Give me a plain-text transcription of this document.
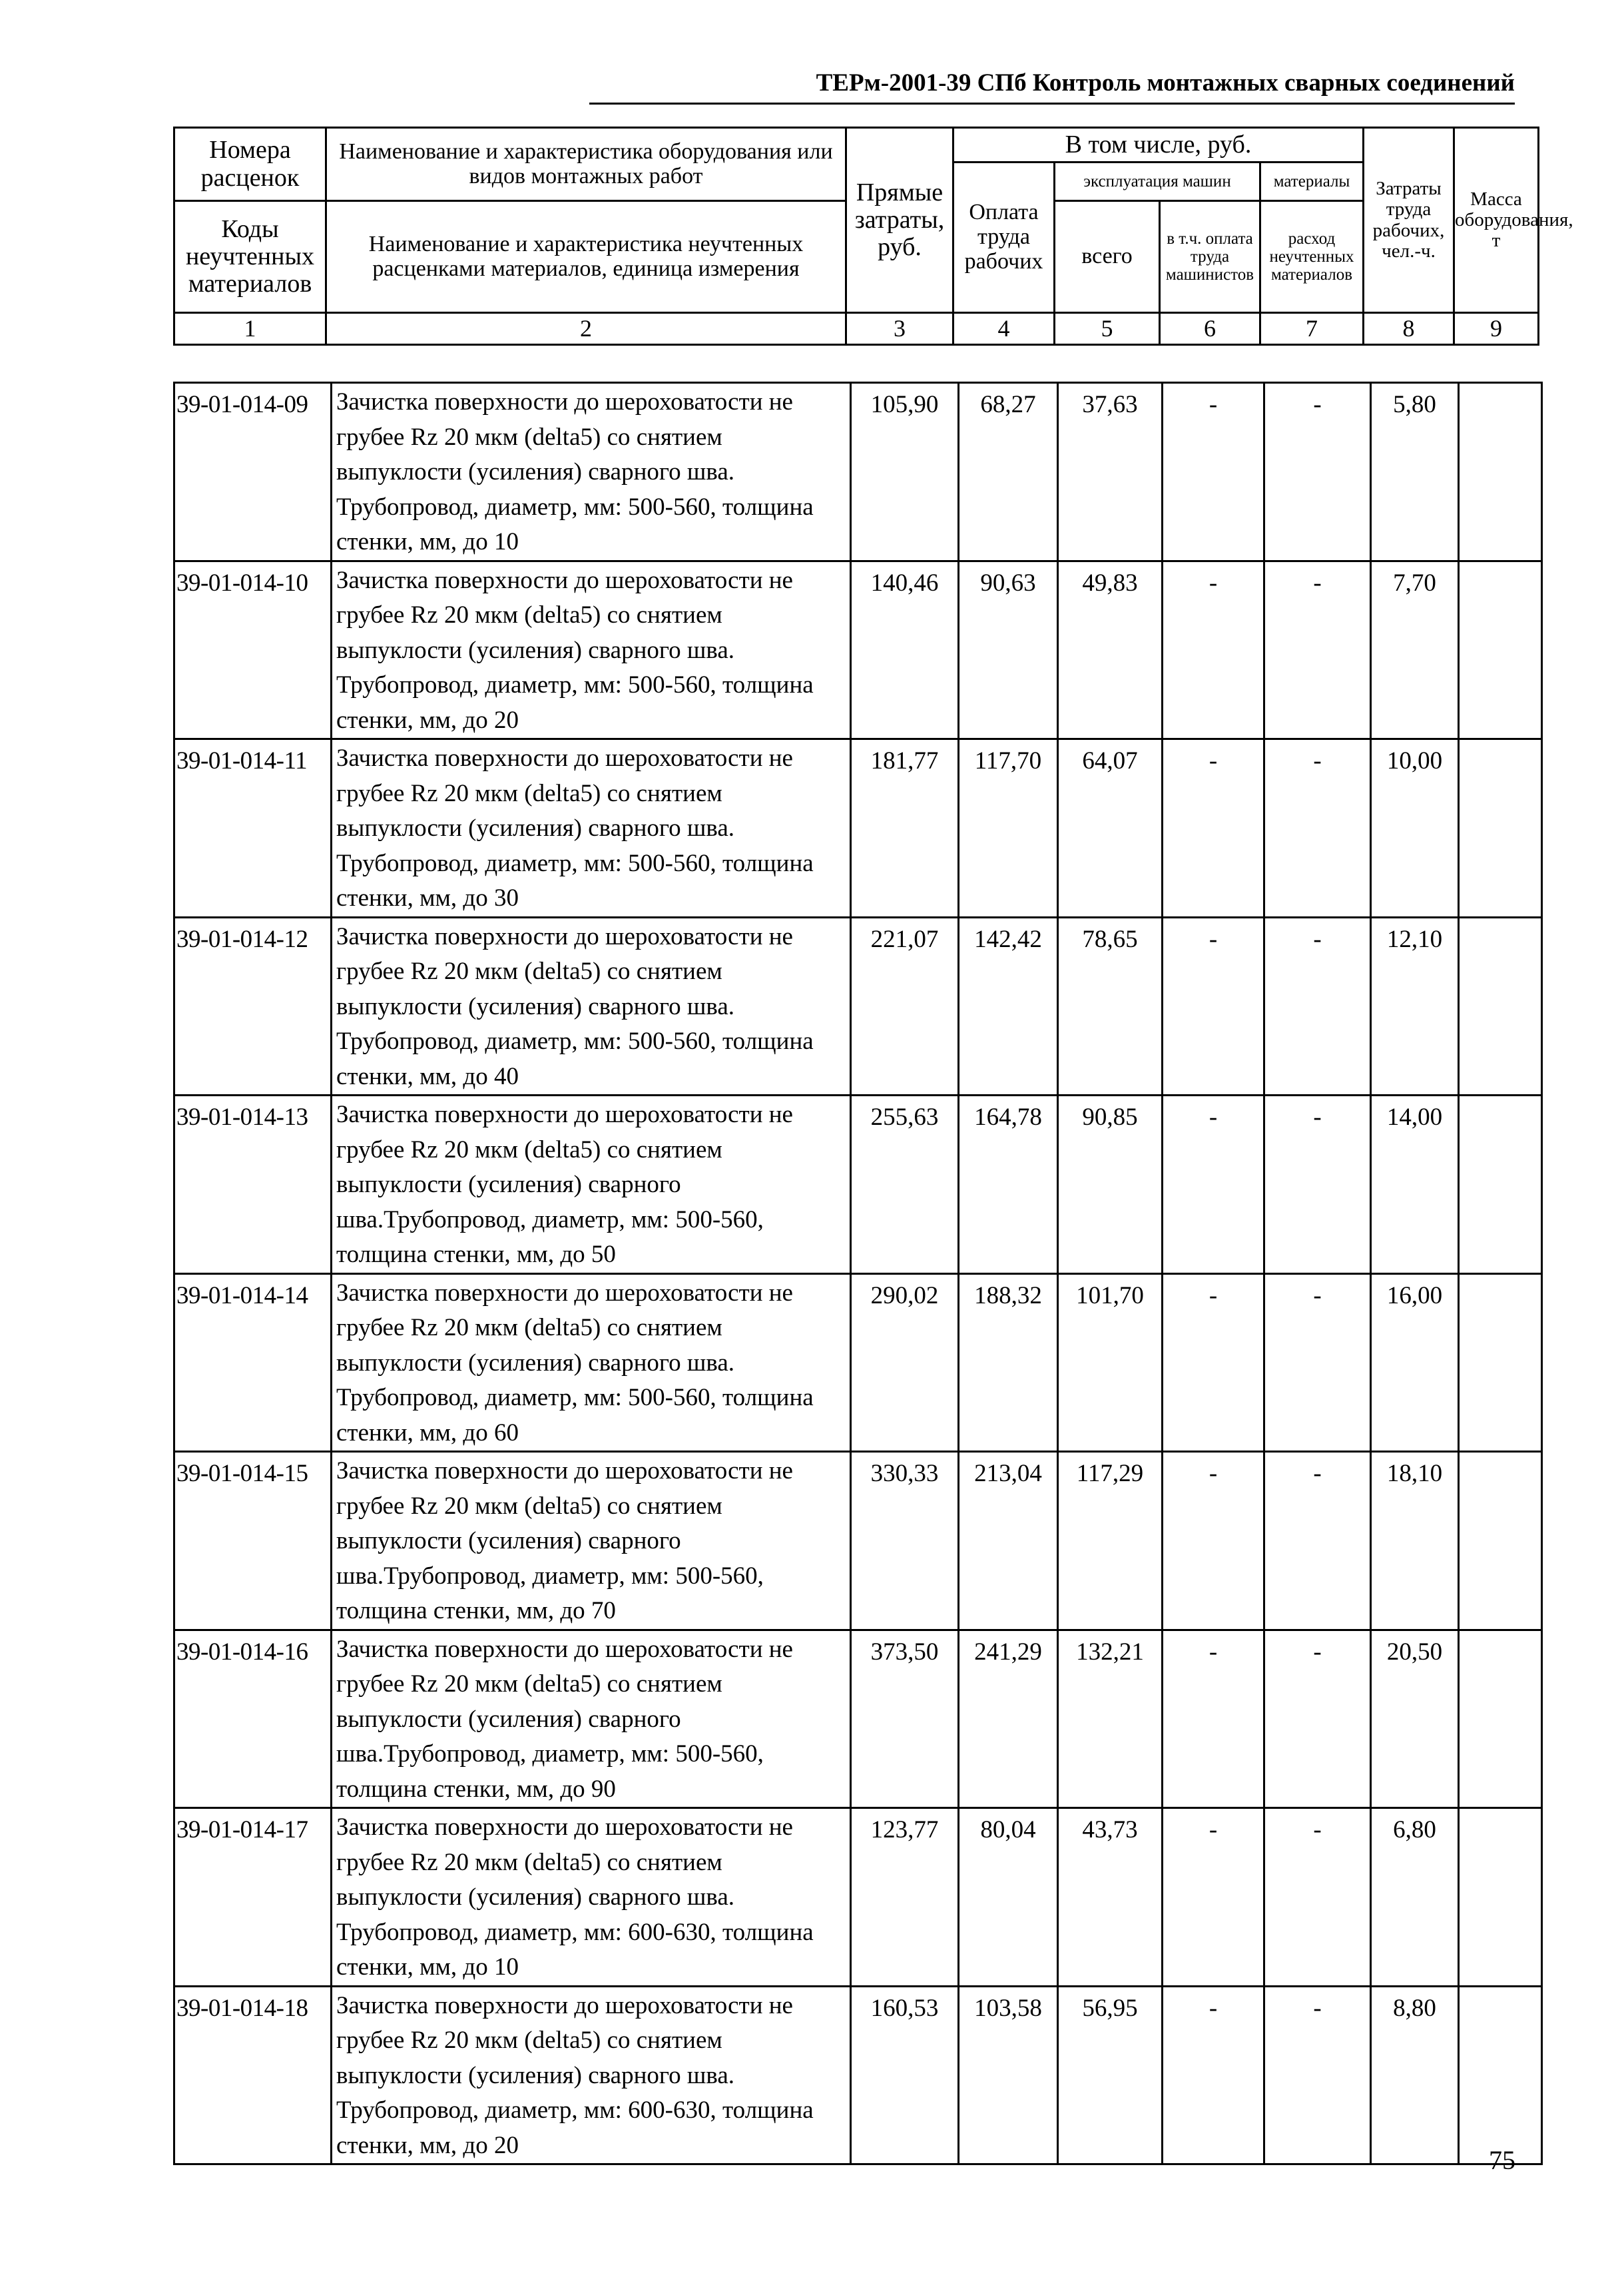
ТЕРм-2001-39 СПб Контроль монтажных сварных соединений
Номера расценок	Наименование и характеристика оборудования или видов монтажных работ	Прямые затраты, руб.	В том числе, руб.				Затраты труда рабочих, чел.-ч.	Масса оборудования, т
			Оплата труда рабочих	эксплуатация машин		материалы		
Коды неучтенных материалов	Наименование и характеристика неучтенных расценками материалов, единица измерения			всего	в т.ч. оплата труда машинистов	расход неучтенных материалов		

1	2	3	4	5	6	7	8	9
39-01-014-09	Зачистка поверхности до шероховатости не грубее Rz 20 мкм (delta5) со снятием выпуклости (усиления) сварного шва. Трубопровод, диаметр, мм: 500-560, толщина стенки, мм, до 10	105,90	68,27	37,63	-	-	5,80	
39-01-014-10	Зачистка поверхности до шероховатости не грубее Rz 20 мкм (delta5) со снятием выпуклости (усиления) сварного шва. Трубопровод, диаметр, мм: 500-560, толщина стенки, мм, до 20	140,46	90,63	49,83	-	-	7,70	
39-01-014-11	Зачистка поверхности до шероховатости не грубее Rz 20 мкм (delta5) со снятием выпуклости (усиления) сварного шва. Трубопровод, диаметр, мм: 500-560, толщина стенки, мм, до 30	181,77	117,70	64,07	-	-	10,00	
39-01-014-12	Зачистка поверхности до шероховатости не грубее Rz 20 мкм (delta5) со снятием выпуклости (усиления) сварного шва. Трубопровод, диаметр, мм: 500-560, толщина стенки, мм, до 40	221,07	142,42	78,65	-	-	12,10	
39-01-014-13	Зачистка поверхности до шероховатости не грубее Rz 20 мкм (delta5) со снятием выпуклости (усиления) сварного шва.Трубопровод, диаметр, мм: 500-560, толщина стенки, мм, до 50	255,63	164,78	90,85	-	-	14,00	
39-01-014-14	Зачистка поверхности до шероховатости не грубее Rz 20 мкм (delta5) со снятием выпуклости (усиления) сварного шва. Трубопровод, диаметр, мм: 500-560, толщина стенки, мм, до 60	290,02	188,32	101,70	-	-	16,00	
39-01-014-15	Зачистка поверхности до шероховатости не грубее Rz 20 мкм (delta5) со снятием выпуклости (усиления) сварного шва.Трубопровод, диаметр, мм: 500-560, толщина стенки, мм, до 70	330,33	213,04	117,29	-	-	18,10	
39-01-014-16	Зачистка поверхности до шероховатости не грубее Rz 20 мкм (delta5) со снятием выпуклости (усиления) сварного шва.Трубопровод, диаметр, мм: 500-560, толщина стенки, мм, до 90	373,50	241,29	132,21	-	-	20,50	
39-01-014-17	Зачистка поверхности до шероховатости не грубее Rz 20 мкм (delta5) со снятием выпуклости (усиления) сварного шва. Трубопровод, диаметр, мм: 600-630, толщина стенки, мм, до 10	123,77	80,04	43,73	-	-	6,80	
39-01-014-18	Зачистка поверхности до шероховатости не грубее Rz 20 мкм (delta5) со снятием выпуклости (усиления) сварного шва. Трубопровод, диаметр, мм: 600-630, толщина стенки, мм, до 20	160,53	103,58	56,95	-	-	8,80	
75
